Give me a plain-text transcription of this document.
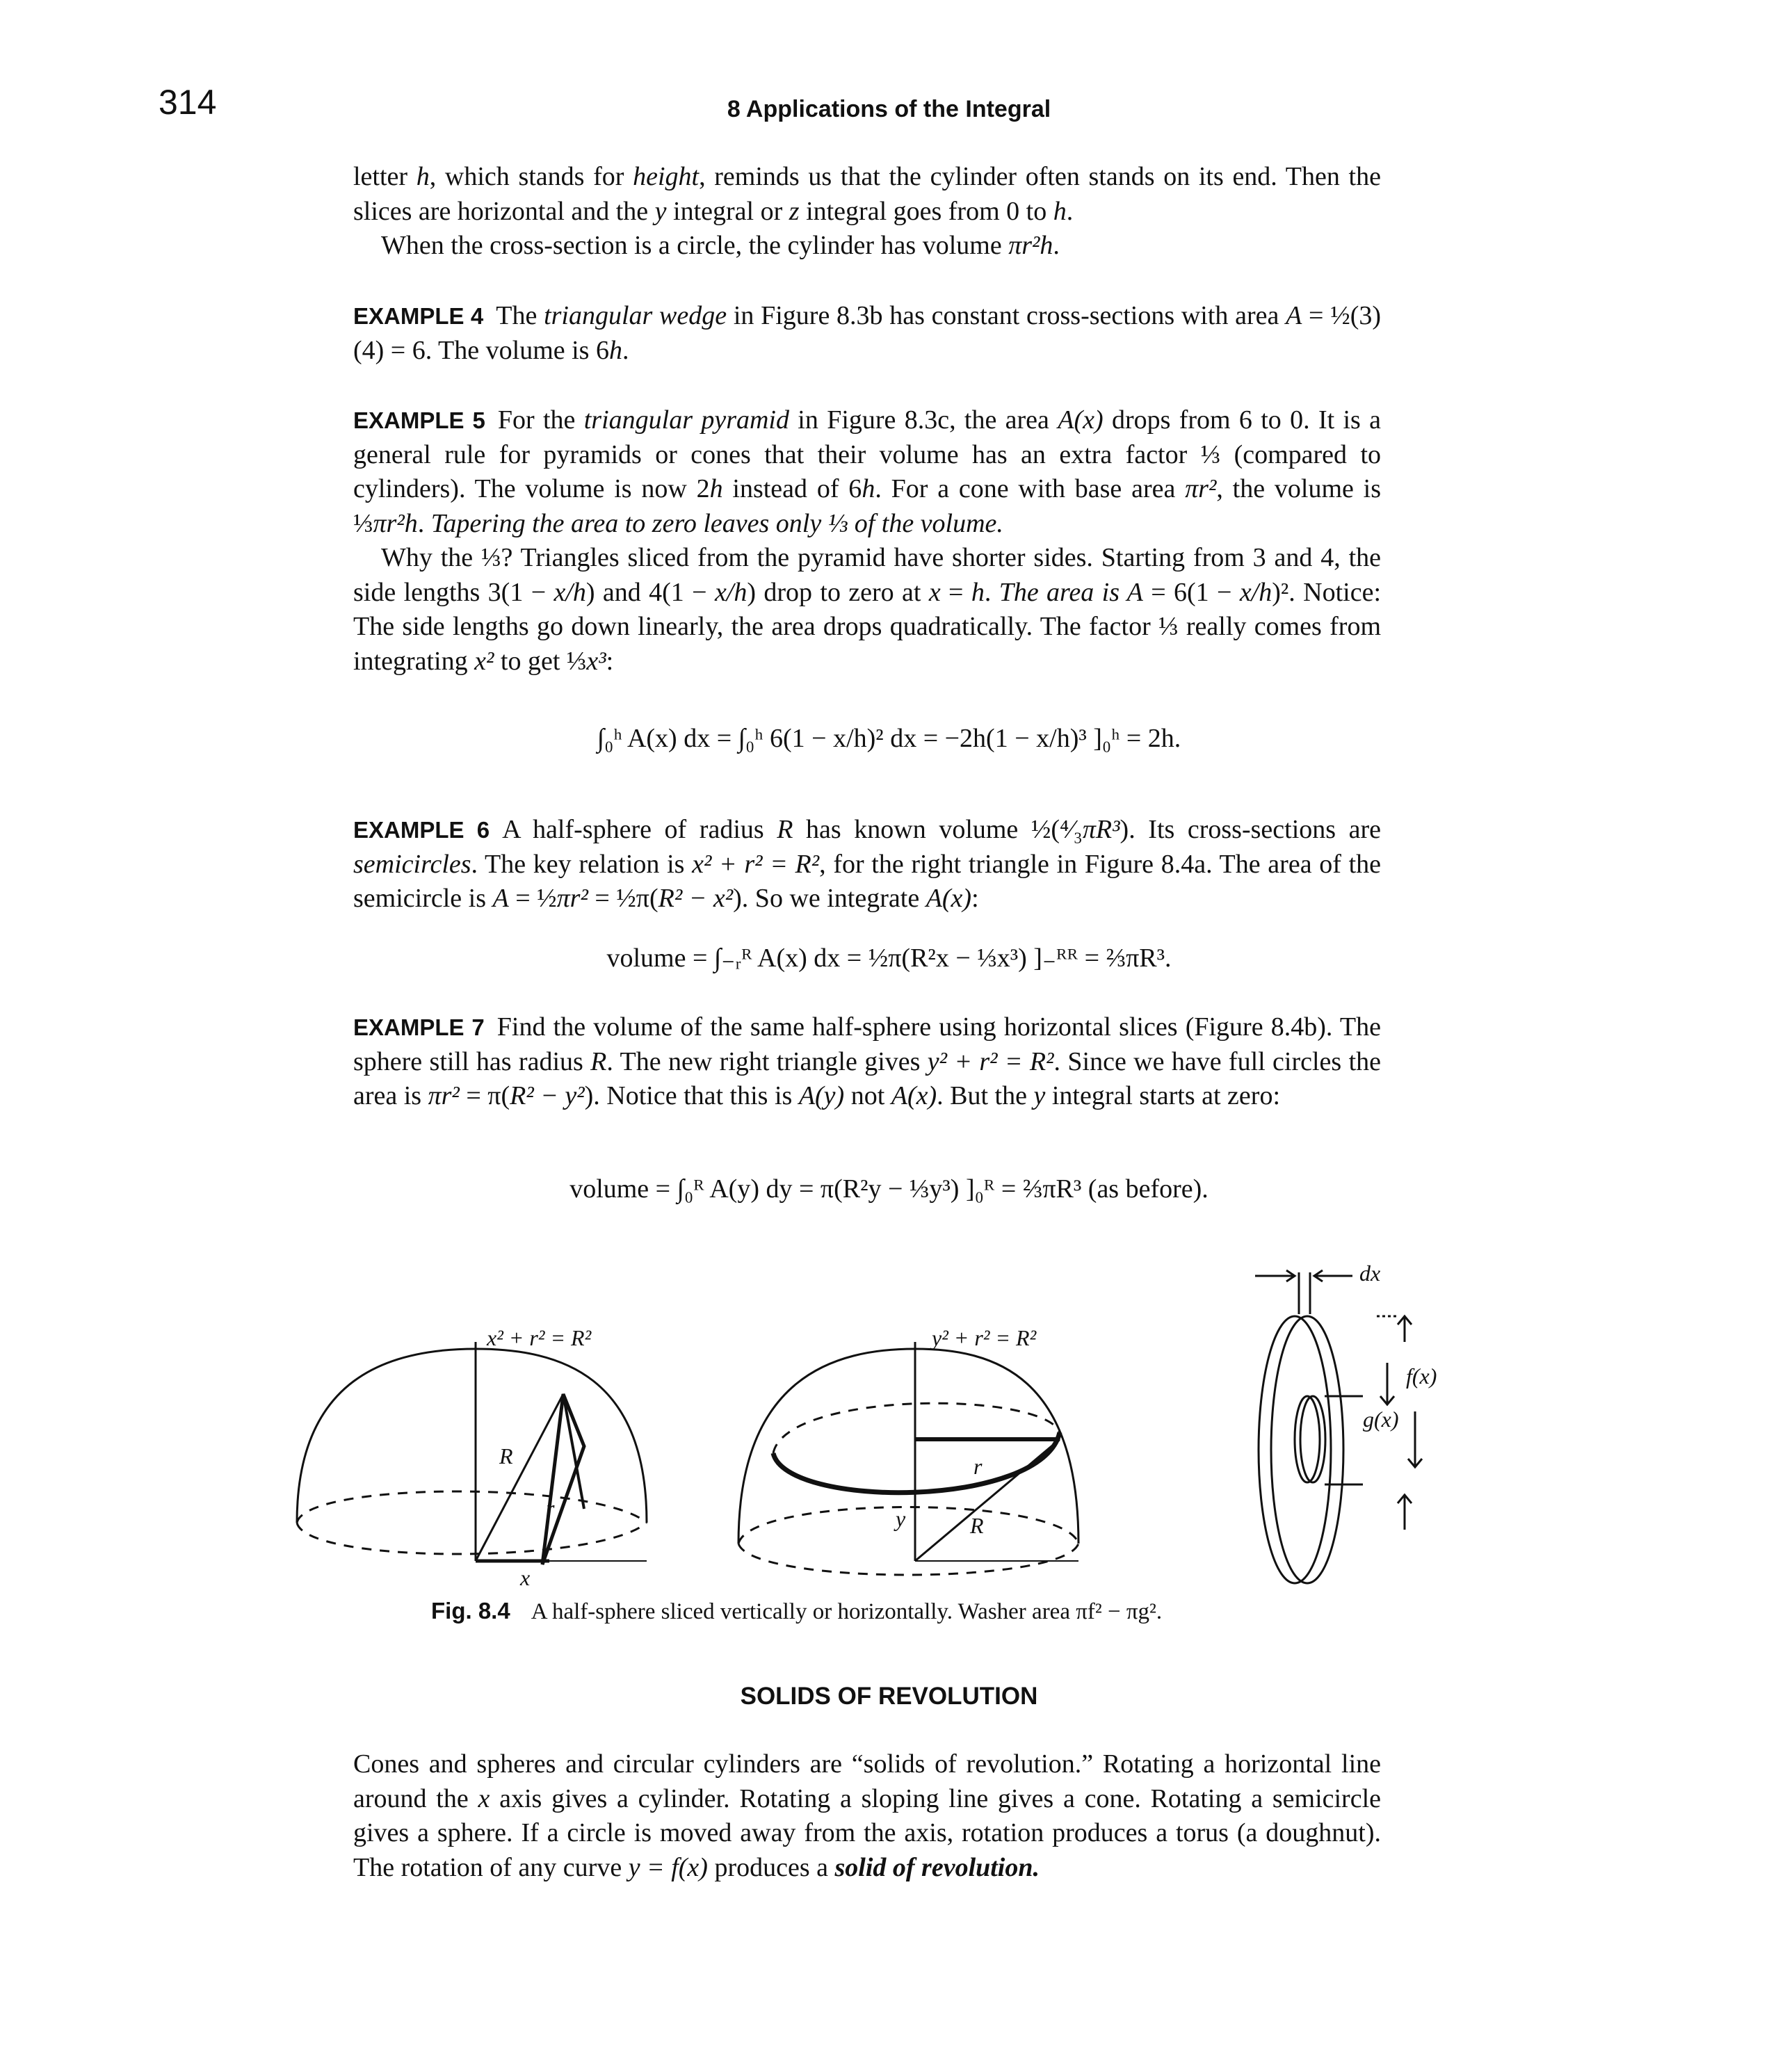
314	8 Applications of the Integral
letter h, which stands for height, reminds us that the cylinder often stands on its end. Then the slices are horizontal and the y integral or z integral goes from 0 to h.
When the cross-section is a circle, the cylinder has volume πr²h.
EXAMPLE 4 The triangular wedge in Figure 8.3b has constant cross-sections with area A = ½(3)(4) = 6. The volume is 6h.
EXAMPLE 5 For the triangular pyramid in Figure 8.3c, the area A(x) drops from 6 to 0. It is a general rule for pyramids or cones that their volume has an extra factor ⅓ (compared to cylinders). The volume is now 2h instead of 6h. For a cone with base area πr², the volume is ⅓πr²h. Tapering the area to zero leaves only ⅓ of the volume.
Why the ⅓? Triangles sliced from the pyramid have shorter sides. Starting from 3 and 4, the side lengths 3(1 − x/h) and 4(1 − x/h) drop to zero at x = h. The area is A = 6(1 − x/h)². Notice: The side lengths go down linearly, the area drops quadratically. The factor ⅓ really comes from integrating x² to get ⅓x³:
∫₀ʰ A(x) dx = ∫₀ʰ 6(1 − x/h)² dx = −2h(1 − x/h)³ ]₀ʰ = 2h.
EXAMPLE 6 A half-sphere of radius R has known volume ½(⁴⁄₃πR³). Its cross-sections are semicircles. The key relation is x² + r² = R², for the right triangle in Figure 8.4a. The area of the semicircle is A = ½πr² = ½π(R² − x²). So we integrate A(x):
volume = ∫₋ᵣᴿ A(x) dx = ½π(R²x − ⅓x³) ]₋ᴿᴿ = ⅔πR³.
EXAMPLE 7 Find the volume of the same half-sphere using horizontal slices (Figure 8.4b). The sphere still has radius R. The new right triangle gives y² + r² = R². Since we have full circles the area is πr² = π(R² − y²). Notice that this is A(y) not A(x). But the y integral starts at zero:
volume = ∫₀ᴿ A(y) dy = π(R²y − ⅓y³) ]₀ᴿ = ⅔πR³ (as before).
x² + r² = R²
R
r
x
y² + r² = R²
r
y	R
dx
f(x)
g(x)
Fig. 8.4 A half-sphere sliced vertically or horizontally. Washer area πf² − πg².
SOLIDS OF REVOLUTION
Cones and spheres and circular cylinders are “solids of revolution.” Rotating a horizontal line around the x axis gives a cylinder. Rotating a sloping line gives a cone. Rotating a semicircle gives a sphere. If a circle is moved away from the axis, rotation produces a torus (a doughnut). The rotation of any curve y = f(x) produces a solid of revolution.
